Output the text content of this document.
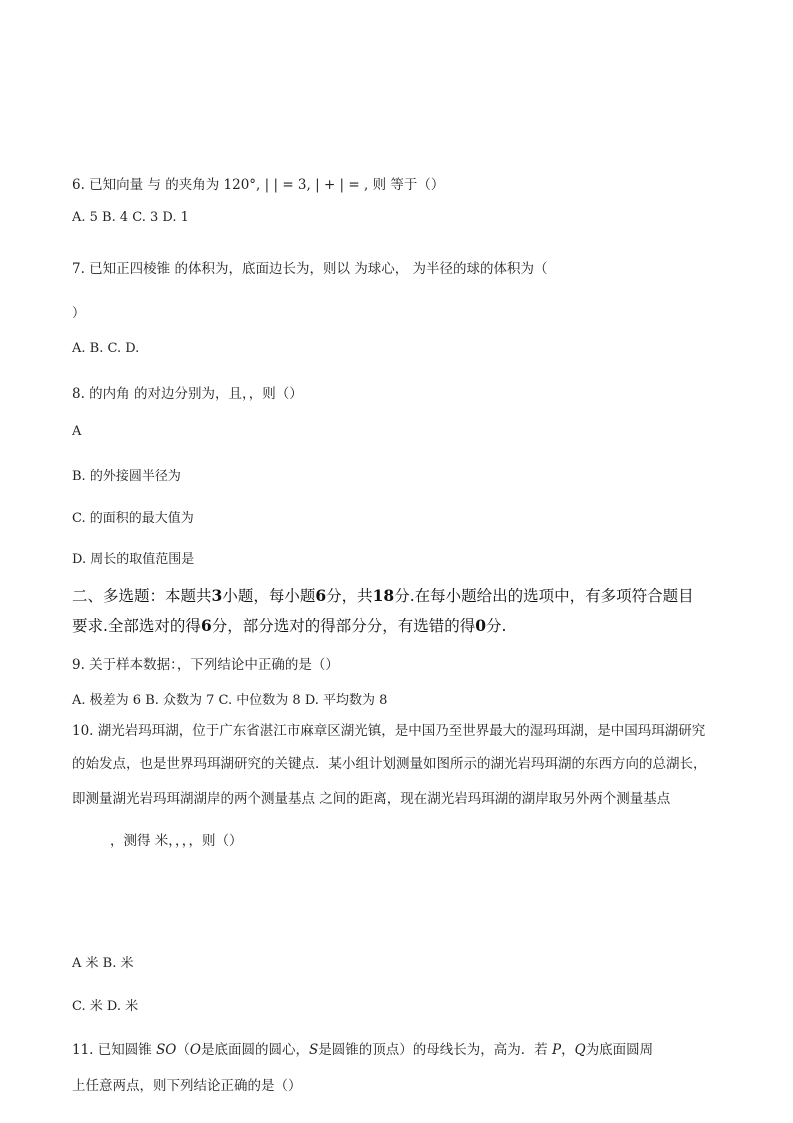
6. 已知向量 与 的夹角为 120°, | | = 3, | + | = , 则 等于（）
A. 5 B. 4 C. 3 D. 1
7. 已知正四棱锥 的体积为，底面边长为，则以 为球心， 为半径的球的体积为（
）
A. B. C. D.
8. 的内角 的对边分别为，且，，则（）
A
B. 的外接圆半径为
C. 的面积的最大值为
D. 周长的取值范围是
二、多选题：本题共3小题，每小题6分，共18分.在每小题给出的选项中，有多项符合题目
要求.全部选对的得6分，部分选对的得部分分，有选错的得0分.
9. 关于样本数据：，下列结论中正确的是（）
A. 极差为 6 B. 众数为 7 C. 中位数为 8 D. 平均数为 8
10. 湖光岩玛珥湖，位于广东省湛江市麻章区湖光镇，是中国乃至世界最大的湿玛珥湖，是中国玛珥湖研究
的始发点，也是世界玛珥湖研究的关键点．某小组计划测量如图所示的湖光岩玛珥湖的东西方向的总湖长，
即测量湖光岩玛珥湖湖岸的两个测量基点 之间的距离，现在湖光岩玛珥湖的湖岸取另外两个测量基点
，测得 米，，，，则（）
A 米 B. 米
C. 米 D. 米
11. 已知圆锥 SO（O是底面圆的圆心，S是圆锥的顶点）的母线长为，高为．若 P，Q为底面圆周
上任意两点，则下列结论正确的是（）
